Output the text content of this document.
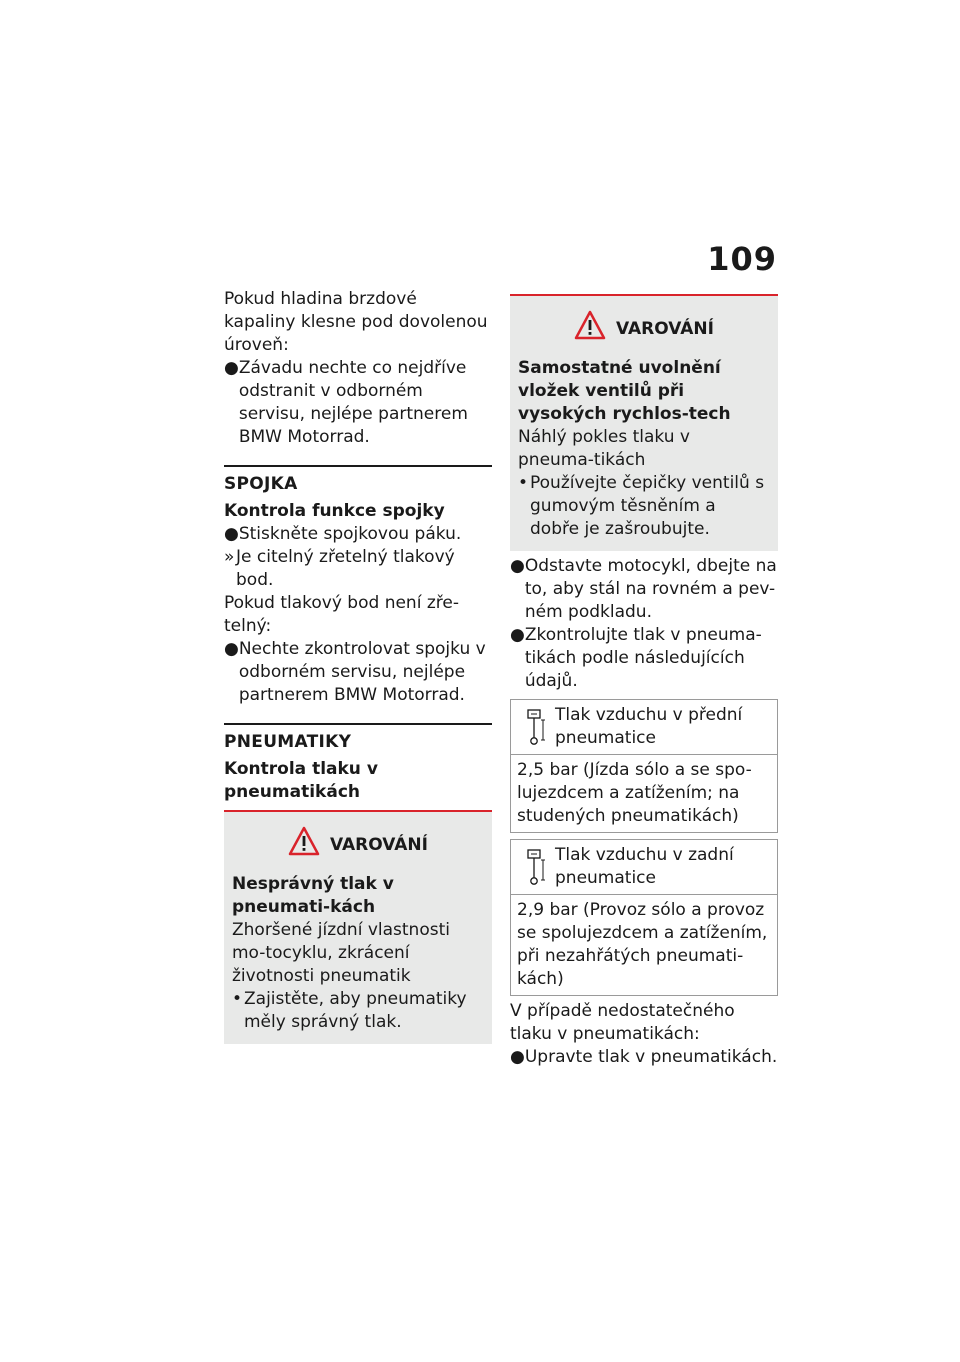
109

Pokud hladina brzdové kapaliny klesne pod dovolenou úroveň:

● Závadu nechte co nejdříve odstranit v odborném servisu, nejlépe partnerem BMW Motorrad.
SPOJKA
Kontrola funkce spojky
● Stiskněte spojkovou páku.
» Je citelný zřetelný tlakový bod.

Pokud tlakový bod není zře-telný:

● Nechte zkontrolovat spojku v odborném servisu, nejlépe partnerem BMW Motorrad.
PNEUMATIKY
Kontrola tlaku v pneumatikách
VAROVÁNÍ
Nesprávný tlak v pneumati-kách

Zhoršené jízdní vlastnosti mo-tocyklu, zkrácení životnosti pneumatik

• Zajistěte, aby pneumatiky měly správný tlak.
VAROVÁNÍ
Samostatné uvolnění vložek ventilů při vysokých rychlos-tech

Náhlý pokles tlaku v pneuma-tikách

• Používejte čepičky ventilů s gumovým těsněním a dobře je zašroubujte.
● Odstavte motocykl, dbejte na to, aby stál na rovném a pev-ném podkladu.
● Zkontrolujte tlak v pneuma-tikách podle následujících údajů.
Tlak vzduchu v přední pneumatice
2,5 bar (Jízda sólo a se spo-lujezdcem a zatížením; na studených pneumatikách)
Tlak vzduchu v zadní pneumatice
2,9 bar (Provoz sólo a provoz se spolujezdcem a zatížením, při nezahřátých pneumati-kách)

V případě nedostatečného tlaku v pneumatikách:

● Upravte tlak v pneumatikách.
